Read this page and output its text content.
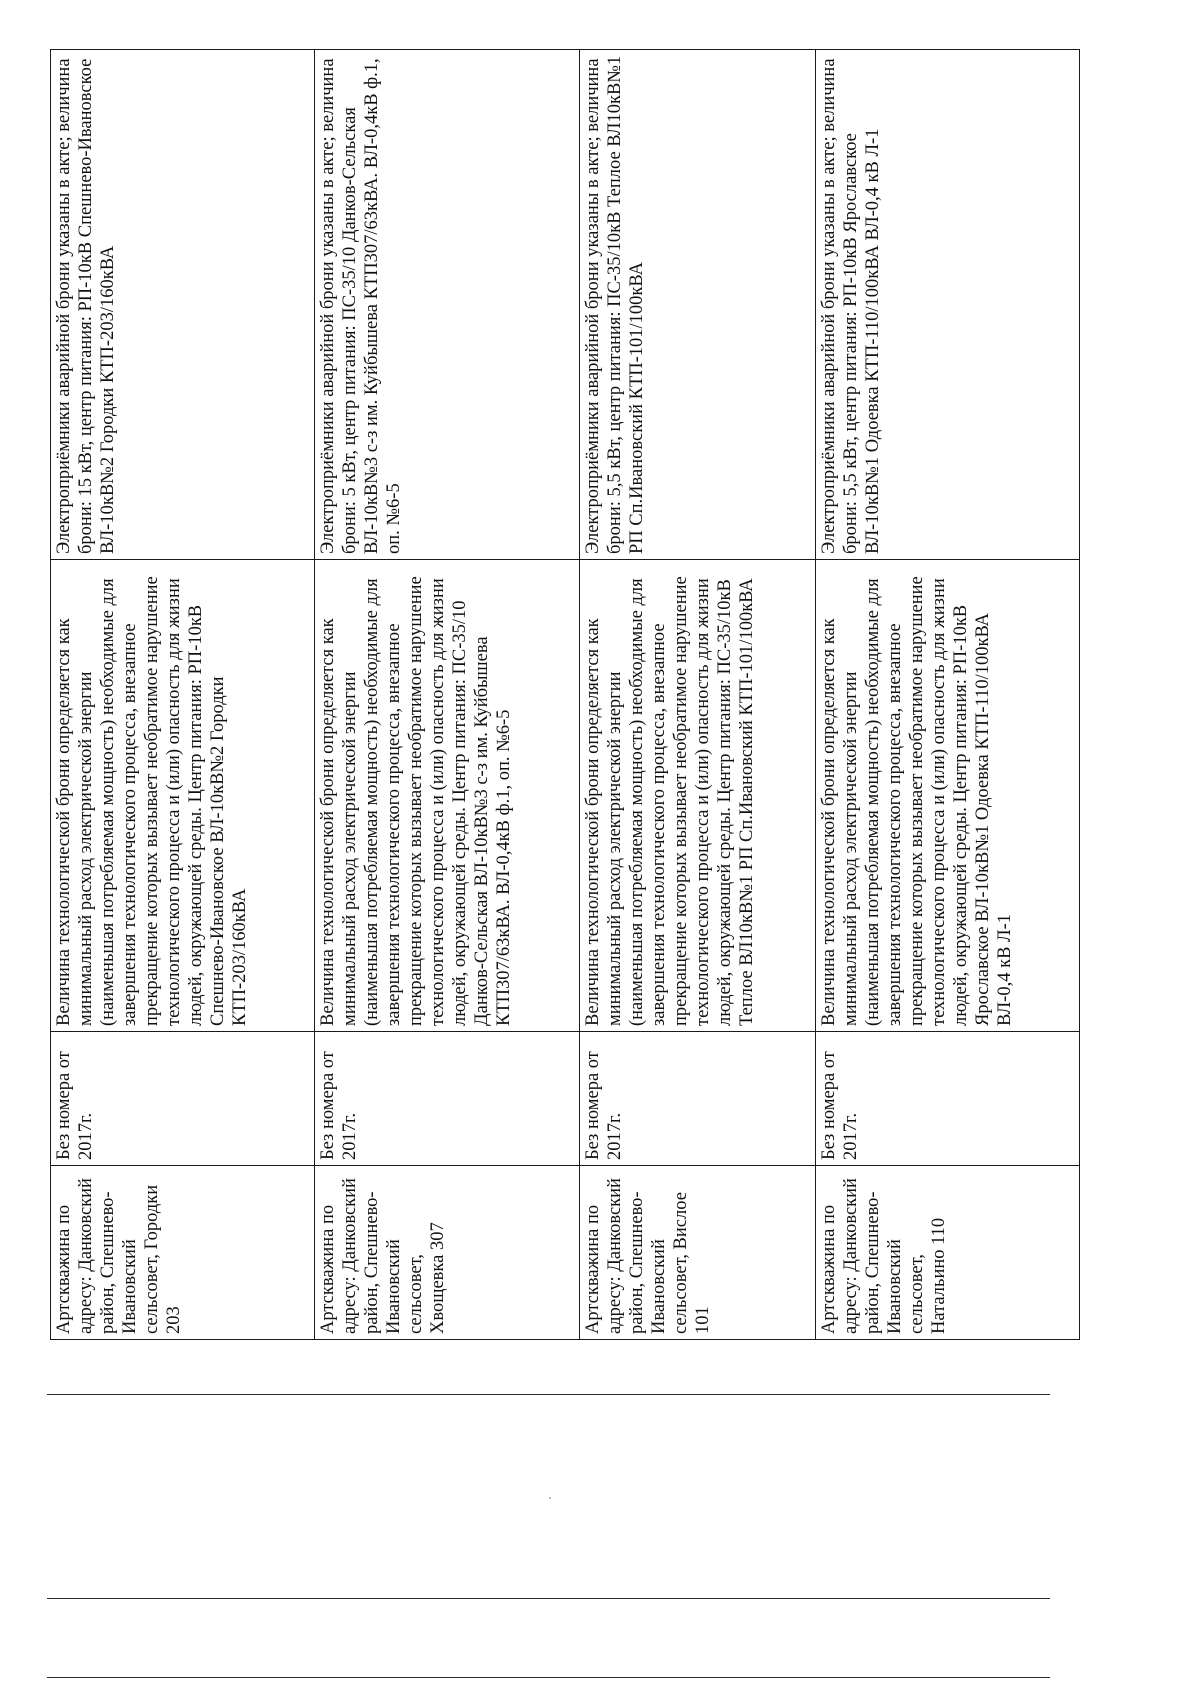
Артскважина по адресу: Данковский район, Спешнево-Ивановский сельсовет, Городки 203	Без номера от 2017г.	Величина технологической брони определяется как минимальный расход электрической энергии (наименьшая потребляемая мощность) необходимые для завершения технологического процесса, внезапное прекращение которых вызывает необратимое нарушение технологического процесса и (или) опасность для жизни людей, окружающей среды. Центр питания: РП-10кВ Спешнево-Ивановское ВЛ-10кВ№2 Городки КТП-203/160кВА	Электроприёмники аварийной брони указаны в акте; величина брони: 15 кВт, центр питания: РП-10кВ Спешнево-Ивановское ВЛ-10кВ№2 Городки КТП-203/160кВА
Артскважина по адресу: Данковский район, Спешнево-Ивановский сельсовет, Хвощевка 307	Без номера от 2017г.	Величина технологической брони определяется как минимальный расход электрической энергии (наименьшая потребляемая мощность) необходимые для завершения технологического процесса, внезапное прекращение которых вызывает необратимое нарушение технологического процесса и (или) опасность для жизни людей, окружающей среды. Центр питания: ПС-35/10 Данков-Сельская ВЛ-10кВ№3 с-з им. Куйбышева КТП307/63кВА. ВЛ-0,4кВ ф.1, оп. №6-5	Электроприёмники аварийной брони указаны в акте; величина брони: 5 кВт, центр питания: ПС-35/10 Данков-Сельская ВЛ-10кВ№3 с-з им. Куйбышева КТП307/63кВА. ВЛ-0,4кВ ф.1, оп. №6-5
Артскважина по адресу: Данковский район, Спешнево-Ивановский сельсовет, Вислое 101	Без номера от 2017г.	Величина технологической брони определяется как минимальный расход электрической энергии (наименьшая потребляемая мощность) необходимые для завершения технологического процесса, внезапное прекращение которых вызывает необратимое нарушение технологического процесса и (или) опасность для жизни людей, окружающей среды. Центр питания: ПС-35/10кВ Теплое ВЛ10кВ№1 РП Сп.Ивановский КТП-101/100кВА	Электроприёмники аварийной брони указаны в акте; величина брони: 5,5 кВт, центр питания: ПС-35/10кВ Теплое ВЛ10кВ№1 РП Сп.Ивановский КТП-101/100кВА
Артскважина по адресу: Данковский район, Спешнево-Ивановский сельсовет, Натальино 110	Без номера от 2017г.	Величина технологической брони определяется как минимальный расход электрической энергии (наименьшая потребляемая мощность) необходимые для завершения технологического процесса, внезапное прекращение которых вызывает необратимое нарушение технологического процесса и (или) опасность для жизни людей, окружающей среды. Центр питания: РП-10кВ Ярославское ВЛ-10кВ№1 Одоевка КТП-110/100кВА ВЛ-0,4 кВ Л-1	Электроприёмники аварийной брони указаны в акте; величина брони: 5,5 кВт, центр питания: РП-10кВ Ярославское ВЛ-10кВ№1 Одоевка КТП-110/100кВА ВЛ-0,4 кВ Л-1
